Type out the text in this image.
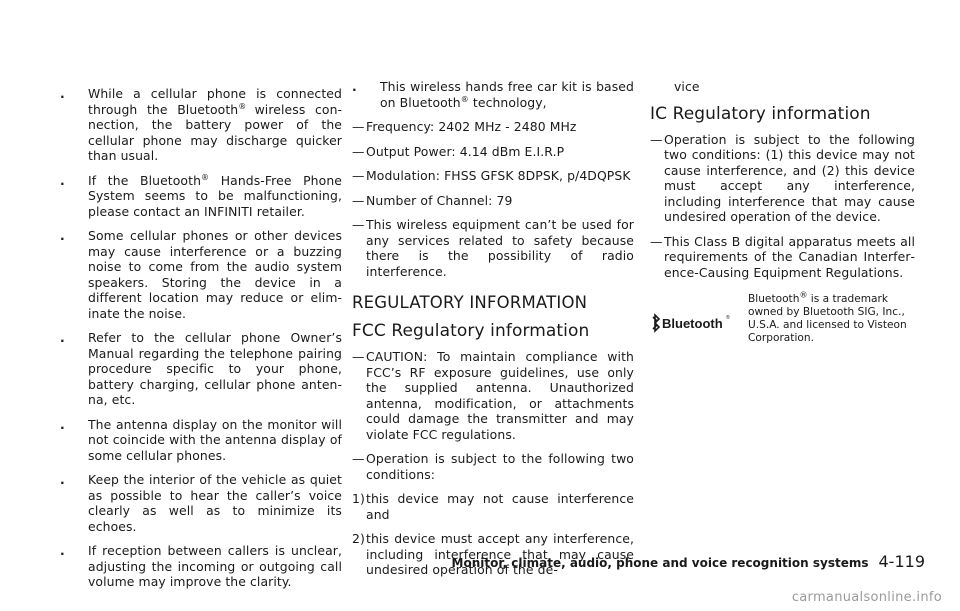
. While a cellular phone is connected through the Bluetooth® wireless connection, the battery power of the cellular phone may discharge quicker than usual.

. If the Bluetooth® Hands-Free Phone System seems to be malfunctioning, please contact an INFINITI retailer.

. Some cellular phones or other devices may cause interference or a buzzing noise to come from the audio system speakers. Storing the device in a different location may reduce or eliminate the noise.

. Refer to the cellular phone Owner’s Manual regarding the telephone pairing procedure specific to your phone, battery charging, cellular phone antenna, etc.

. The antenna display on the monitor will not coincide with the antenna display of some cellular phones.

. Keep the interior of the vehicle as quiet as possible to hear the caller’s voice clearly as well as to minimize its echoes.

. If reception between callers is unclear, adjusting the incoming or outgoing call volume may improve the clarity.

. This wireless hands free car kit is based on Bluetooth® technology,

— Frequency: 2402 MHz - 2480 MHz

— Output Power: 4.14 dBm E.I.R.P

— Modulation: FHSS GFSK 8DPSK, p/4DQPSK

— Number of Channel: 79

— This wireless equipment can’t be used for any services related to safety because there is the possibility of radio interference.

REGULATORY INFORMATION
FCC Regulatory information

— CAUTION: To maintain compliance with FCC’s RF exposure guidelines, use only the supplied antenna. Unauthorized antenna, modification, or attachments could damage the transmitter and may violate FCC regulations.

— Operation is subject to the following two conditions:

1) this device may not cause interference and

2) this device must accept any interference, including interference that may cause undesired operation of the de-

vice

IC Regulatory information

— Operation is subject to the following two conditions: (1) this device may not cause interference, and (2) this device must accept any interference, including interference that may cause undesired operation of the device.

— This Class B digital apparatus meets all requirements of the Canadian Interference-Causing Equipment Regulations.

Bluetooth ®
Bluetooth® is a trademark owned by Bluetooth SIG, Inc., U.S.A. and licensed to Visteon Corporation.
Monitor, climate, audio, phone and voice recognition systems 4-119
carmanualsonline.info
